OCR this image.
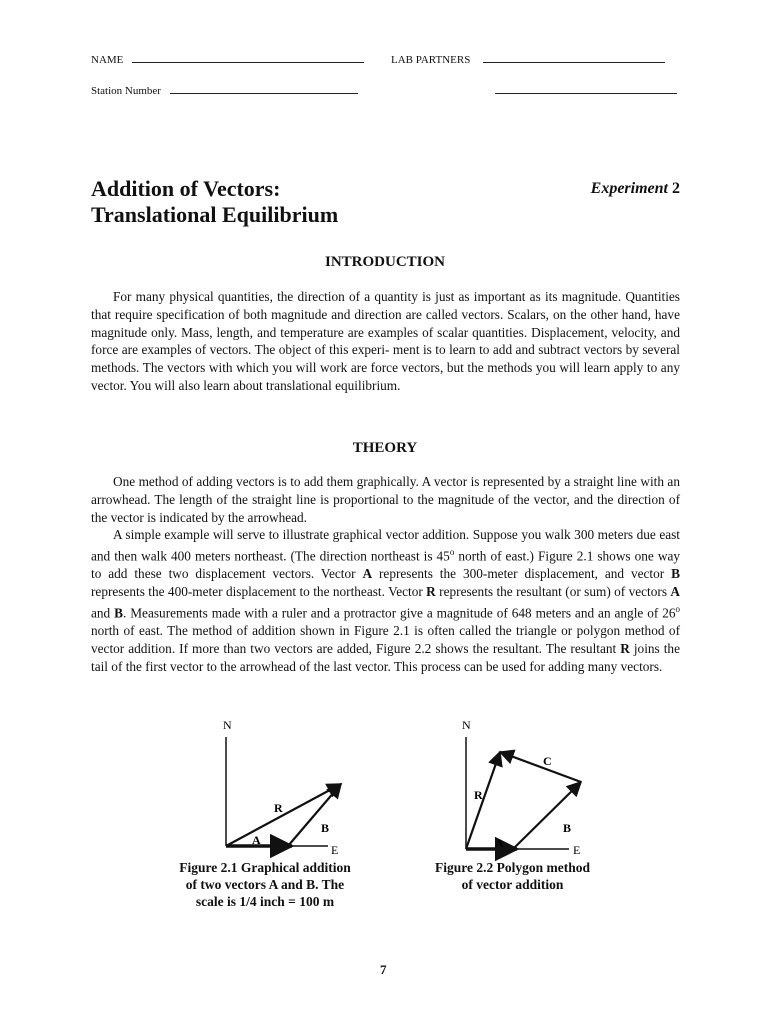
NAME	LAB PARTNERS
Station Number
Addition of Vectors:
Translational Equilibrium
Experiment 2
INTRODUCTION

For many physical quantities, the direction of a quantity is just as important as its magnitude. Quantities that require specification of both magnitude and direction are called vectors. Scalars, on the other hand, have magnitude only. Mass, length, and temperature are examples of scalar quantities. Displacement, velocity, and force are examples of vectors. The object of this experi- ment is to learn to add and subtract vectors by several methods. The vectors with which you will work are force vectors, but the methods you will learn apply to any vector. You will also learn about translational equilibrium.

THEORY

One method of adding vectors is to add them graphically. A vector is represented by a straight line with an arrowhead. The length of the straight line is proportional to the magnitude of the vector, and the direction of the vector is indicated by the arrowhead.

A simple example will serve to illustrate graphical vector addition. Suppose you walk 300 meters due east and then walk 400 meters northeast. (The direction northeast is 45$^o$ north of east.) Figure 2.1 shows one way to add these two displacement vectors. Vector A represents the 300-meter displacement, and vector B represents the 400-meter displacement to the northeast. Vector R represents the resultant (or sum) of vectors A and B. Measurements made with a ruler and a protractor give a magnitude of 648 meters and an angle of 26$^o$ north of east. The method of addition shown in Figure 2.1 is often called the triangle or polygon method of vector addition. If more than two vectors are added, Figure 2.2 shows the resultant. The resultant R joins the tail of the first vector to the arrowhead of the last vector. This process can be used for adding many vectors.

N
E
R
A
B
Figure 2.1 Graphical addition
of two vectors A and B. The
scale is 1/4 inch = 100 m
N
E
R
C
A
B
Figure 2.2 Polygon method
of vector addition
7
